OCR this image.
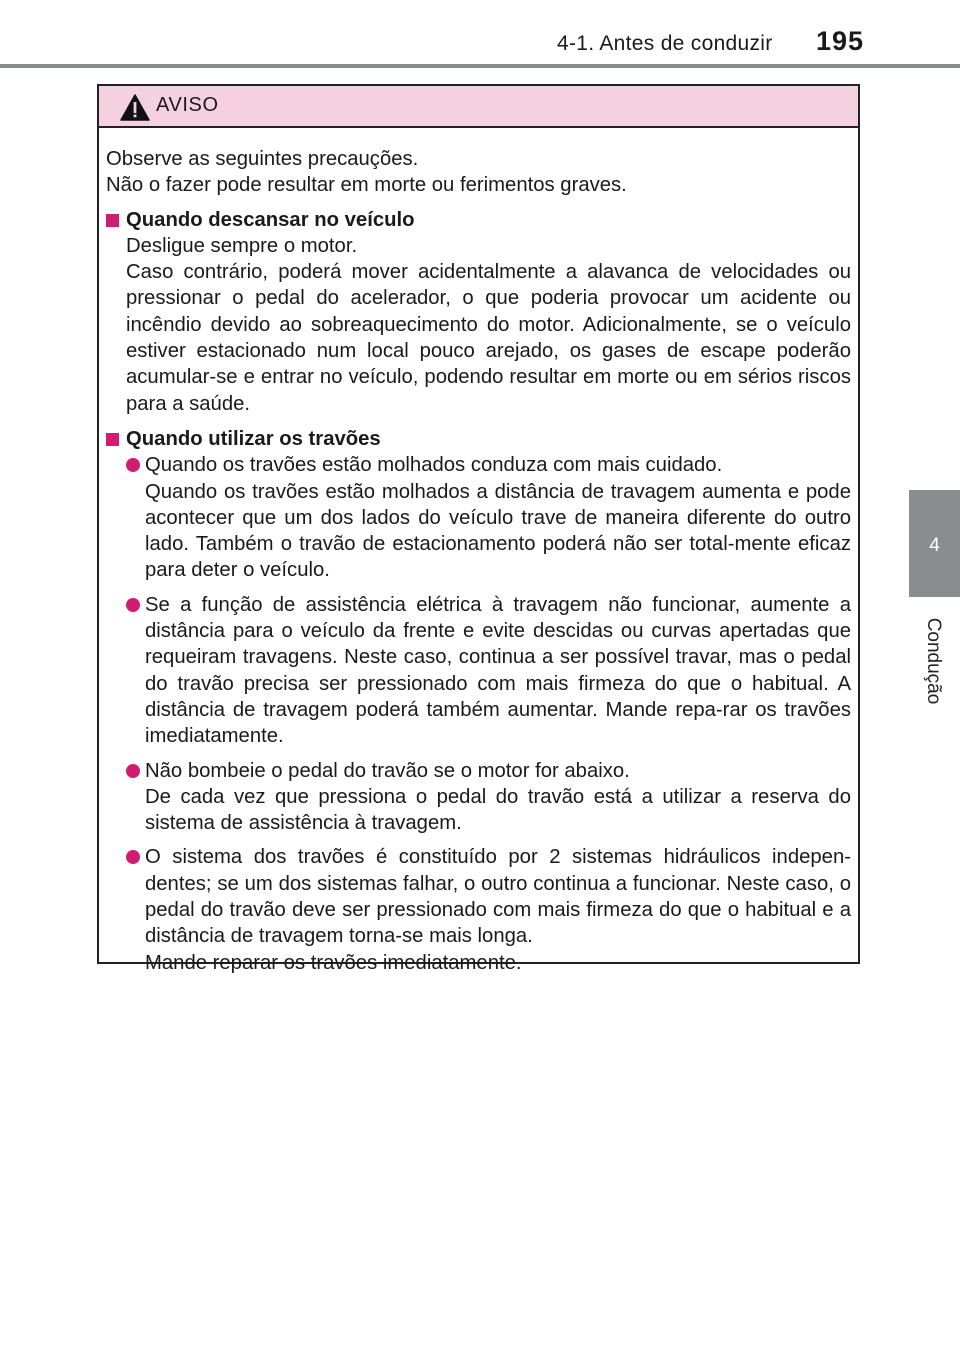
4-1. Antes de conduzir 195
4
Condução
AVISO

Observe as seguintes precauções.

Não o fazer pode resultar em morte ou ferimentos graves.

Quando descansar no veículo
Desligue sempre o motor.
Caso contrário, poderá mover acidentalmente a alavanca de velocidades ou pressionar o pedal do acelerador, o que poderia provocar um acidente ou incêndio devido ao sobreaquecimento do motor. Adicionalmente, se o veículo estiver estacionado num local pouco arejado, os gases de escape poderão acumular-se e entrar no veículo, podendo resultar em morte ou em sérios riscos para a saúde.
Quando utilizar os travões
Quando os travões estão molhados conduza com mais cuidado.
Quando os travões estão molhados a distância de travagem aumenta e pode acontecer que um dos lados do veículo trave de maneira diferente do outro lado. Também o travão de estacionamento poderá não ser total-mente eficaz para deter o veículo.
Se a função de assistência elétrica à travagem não funcionar, aumente a distância para o veículo da frente e evite descidas ou curvas apertadas que requeiram travagens. Neste caso, continua a ser possível travar, mas o pedal do travão precisa ser pressionado com mais firmeza do que o habitual. A distância de travagem poderá também aumentar. Mande repa-rar os travões imediatamente.
Não bombeie o pedal do travão se o motor for abaixo.
De cada vez que pressiona o pedal do travão está a utilizar a reserva do sistema de assistência à travagem.
O sistema dos travões é constituído por 2 sistemas hidráulicos indepen-dentes; se um dos sistemas falhar, o outro continua a funcionar. Neste caso, o pedal do travão deve ser pressionado com mais firmeza do que o habitual e a distância de travagem torna-se mais longa.
Mande reparar os travões imediatamente.
